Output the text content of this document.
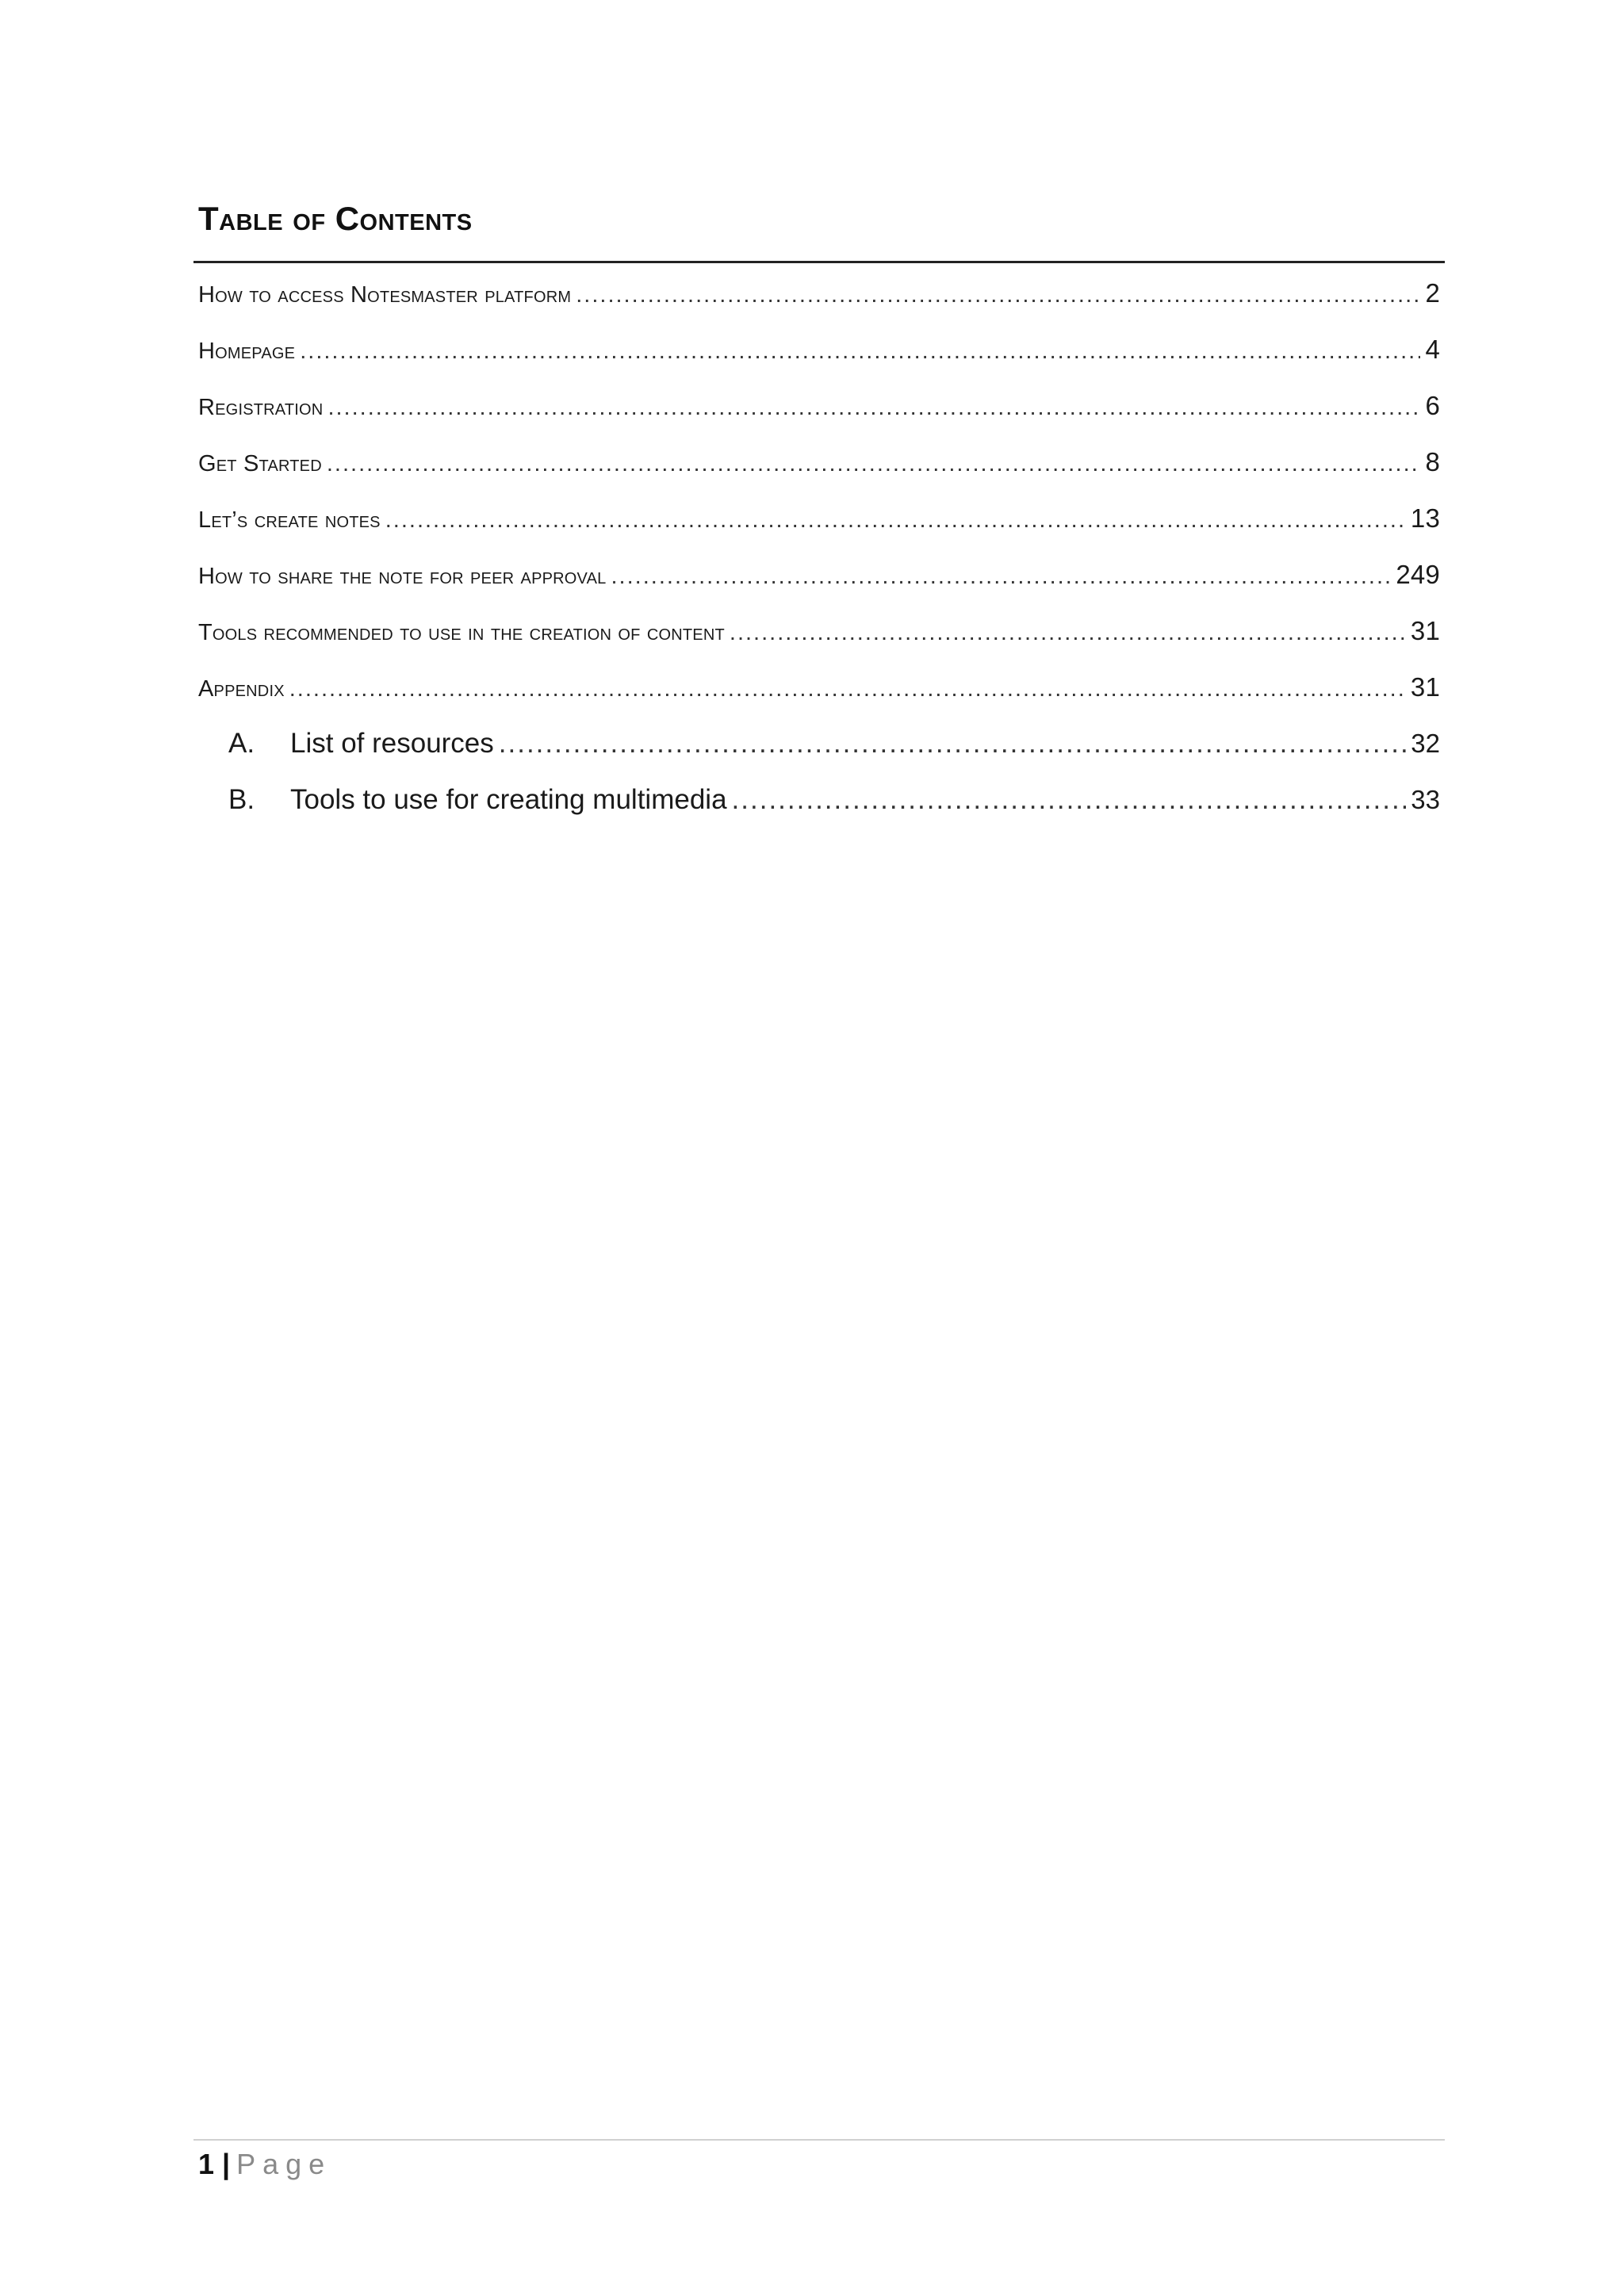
Table of Contents
How to access Notesmaster platform .....	2
Homepage .....	4
Registration .....	6
Get Started .....	8
Let’s create notes .....	13
How to share the note for peer approval .....	249
Tools recommended to use in the creation of content .....	31
Appendix .....	31
A.	List of resources .....	32
B.	Tools to use for creating multimedia .....	33
1 | Page
